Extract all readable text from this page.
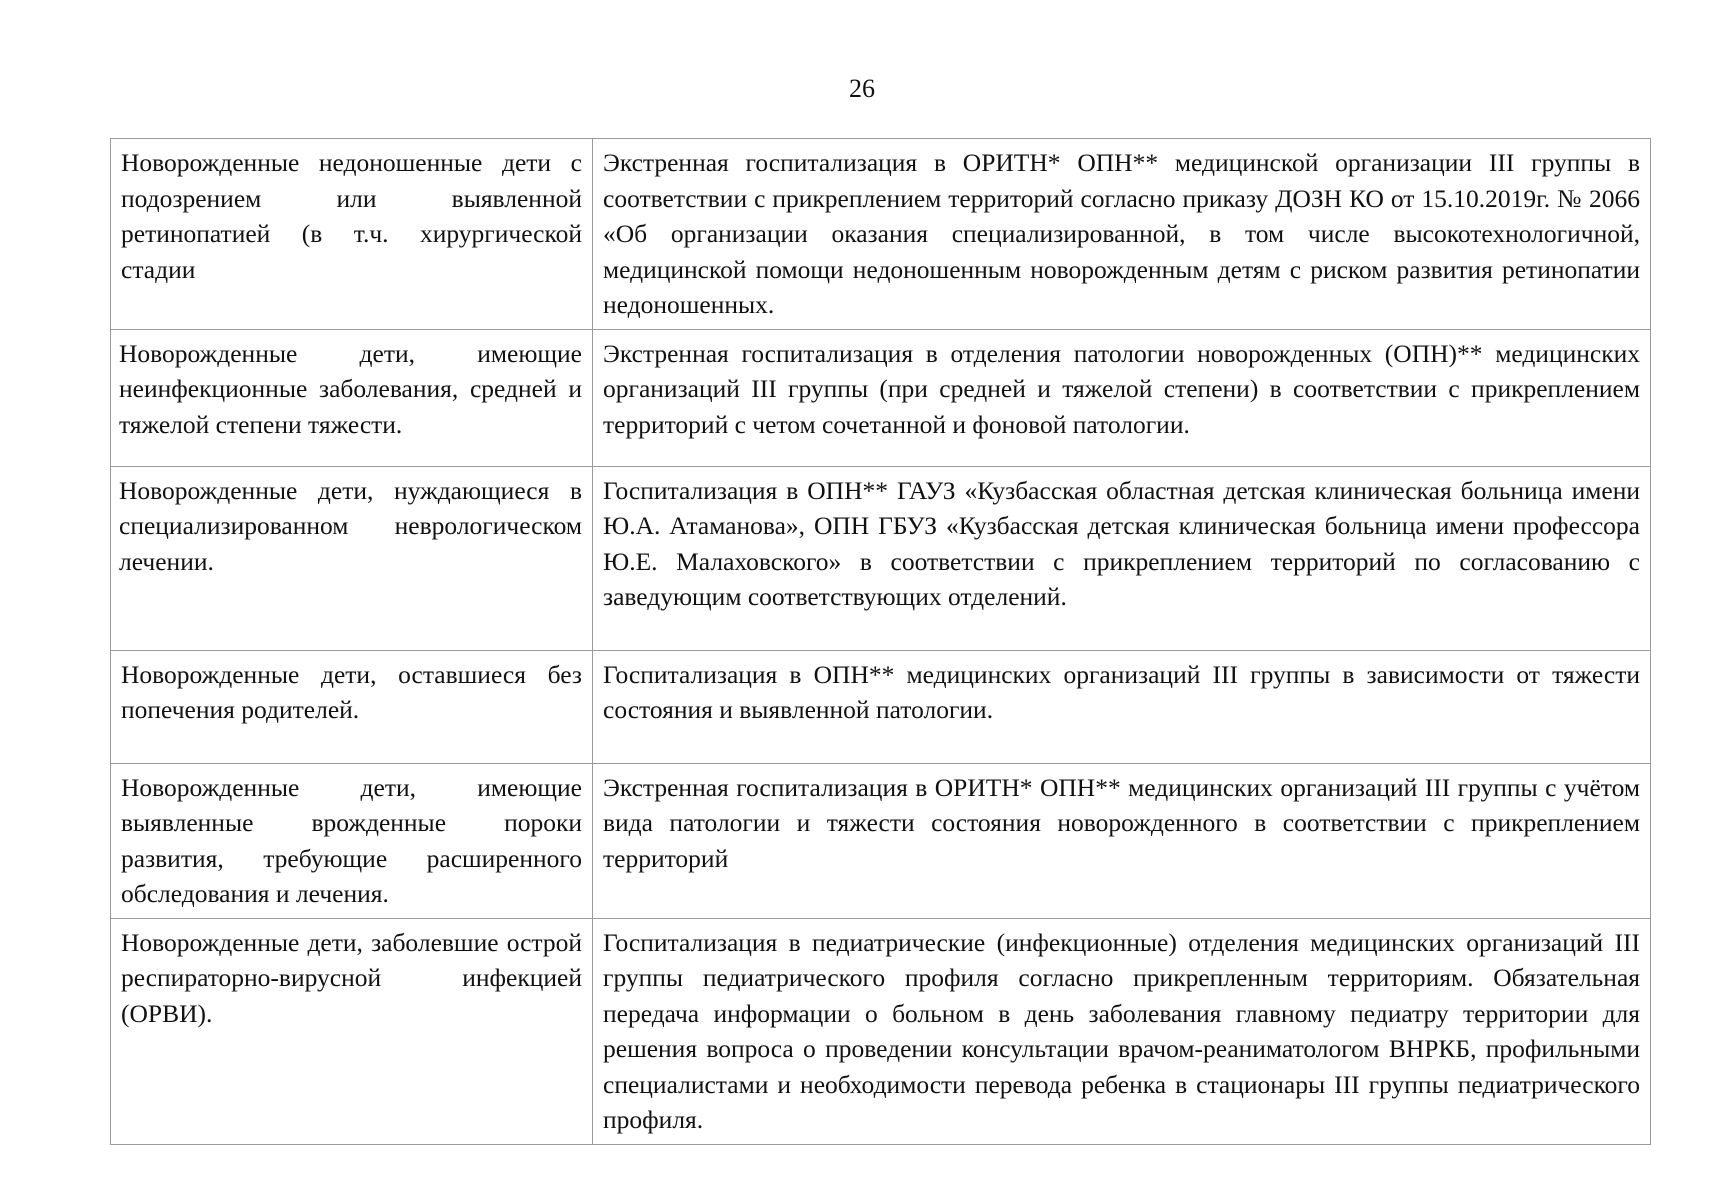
26
Новорожденные недоношенные дети с подозрением или выявленной ретинопатией (в т.ч. хирургической стадии	Экстренная госпитализация в ОРИТН* ОПН** медицинской организации III группы в соответствии с прикреплением территорий согласно приказу ДОЗН КО от 15.10.2019г. № 2066 «Об организации оказания специализированной, в том числе высокотехнологичной, медицинской помощи недоношенным новорожденным детям с риском развития ретинопатии недоношенных.
Новорожденные дети, имеющие неинфекционные заболевания, средней и тяжелой степени тяжести.	Экстренная госпитализация в отделения патологии новорожденных (ОПН)** медицинских организаций III группы (при средней и тяжелой степени) в соответствии с прикреплением территорий с четом сочетанной и фоновой патологии.
Новорожденные дети, нуждающиеся в специализированном неврологическом лечении.	Госпитализация в ОПН** ГАУЗ «Кузбасская областная детская клиническая больница имени Ю.А. Атаманова», ОПН ГБУЗ «Кузбасская детская клиническая больница имени профессора Ю.Е. Малаховского» в соответствии с прикреплением территорий по согласованию с заведующим соответствующих отделений.
Новорожденные дети, оставшиеся без попечения родителей.	Госпитализация в ОПН** медицинских организаций III группы в зависимости от тяжести состояния и выявленной патологии.
Новорожденные дети, имеющие выявленные врожденные пороки развития, требующие расширенного обследования и лечения.	Экстренная госпитализация в ОРИТН* ОПН** медицинских организаций III группы с учётом вида патологии и тяжести состояния новорожденного в соответствии с прикреплением территорий
Новорожденные дети, заболевшие острой респираторно-вирусной инфекцией (ОРВИ).	Госпитализация в педиатрические (инфекционные) отделения медицинских организаций III группы педиатрического профиля согласно прикрепленным территориям. Обязательная передача информации о больном в день заболевания главному педиатру территории для решения вопроса о проведении консультации врачом-реаниматологом ВНРКБ, профильными специалистами и необходимости перевода ребенка в стационары III группы педиатрического профиля.
